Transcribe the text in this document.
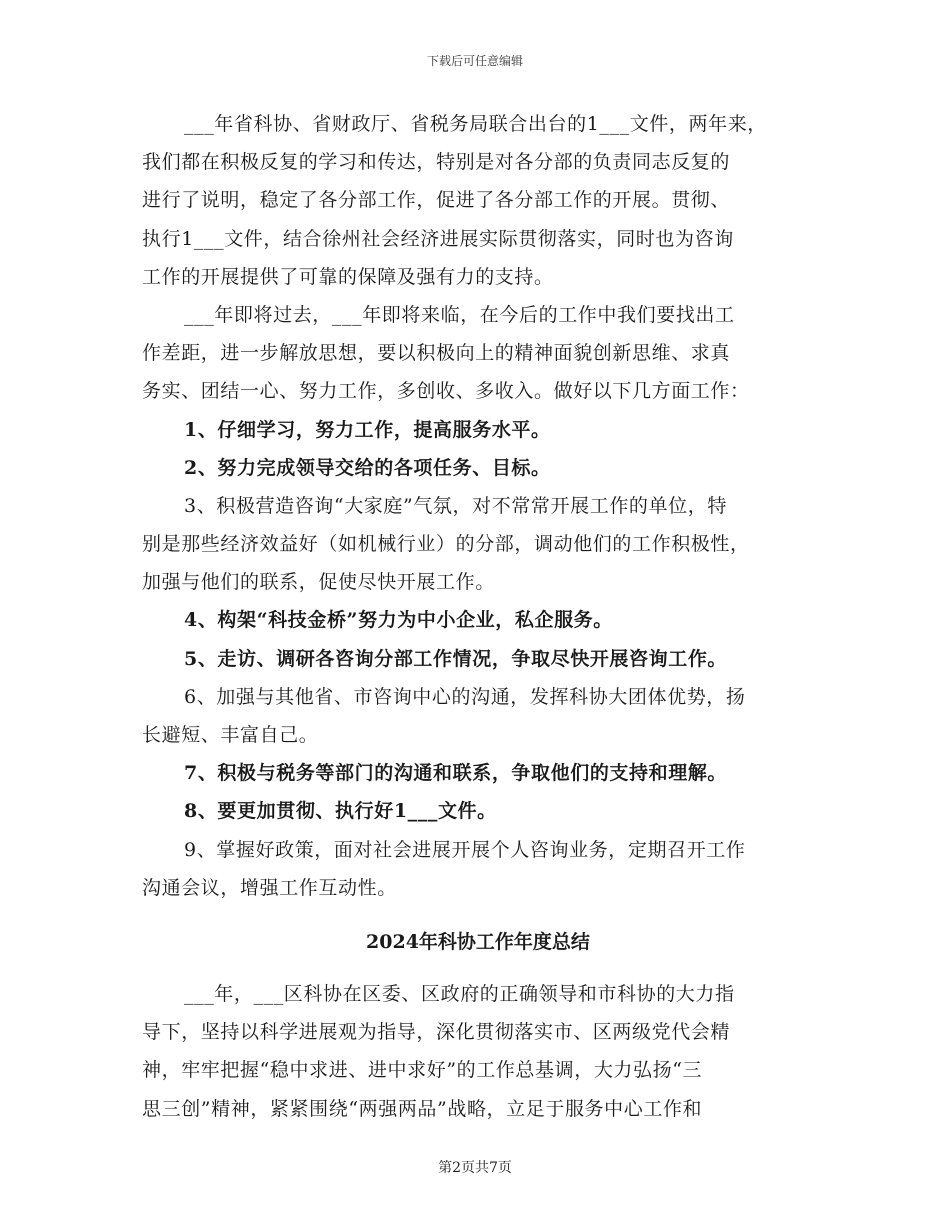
下载后可任意编辑
___年省科协、省财政厅、省税务局联合出台的1___文件，两年来，
我们都在积极反复的学习和传达，特别是对各分部的负责同志反复的
进行了说明，稳定了各分部工作，促进了各分部工作的开展。贯彻、
执行1___文件，结合徐州社会经济进展实际贯彻落实，同时也为咨询
工作的开展提供了可靠的保障及强有力的支持。
___年即将过去，___年即将来临，在今后的工作中我们要找出工
作差距，进一步解放思想，要以积极向上的精神面貌创新思维、求真
务实、团结一心、努力工作，多创收、多收入。做好以下几方面工作：
1、仔细学习，努力工作，提高服务水平。
2、努力完成领导交给的各项任务、目标。
3、积极营造咨询“大家庭”气氛，对不常常开展工作的单位，特
别是那些经济效益好（如机械行业）的分部，调动他们的工作积极性，
加强与他们的联系，促使尽快开展工作。
4、构架“科技金桥”努力为中小企业，私企服务。
5、走访、调研各咨询分部工作情况，争取尽快开展咨询工作。
6、加强与其他省、市咨询中心的沟通，发挥科协大团体优势，扬
长避短、丰富自己。
7、积极与税务等部门的沟通和联系，争取他们的支持和理解。
8、要更加贯彻、执行好1___文件。
9、掌握好政策，面对社会进展开展个人咨询业务，定期召开工作
沟通会议，增强工作互动性。
2024年科协工作年度总结
___年，___区科协在区委、区政府的正确领导和市科协的大力指
导下，坚持以科学进展观为指导，深化贯彻落实市、区两级党代会精
神，牢牢把握“稳中求进、进中求好”的工作总基调，大力弘扬“三
思三创”精神，紧紧围绕“两强两品”战略，立足于服务中心工作和
第2页共7页
